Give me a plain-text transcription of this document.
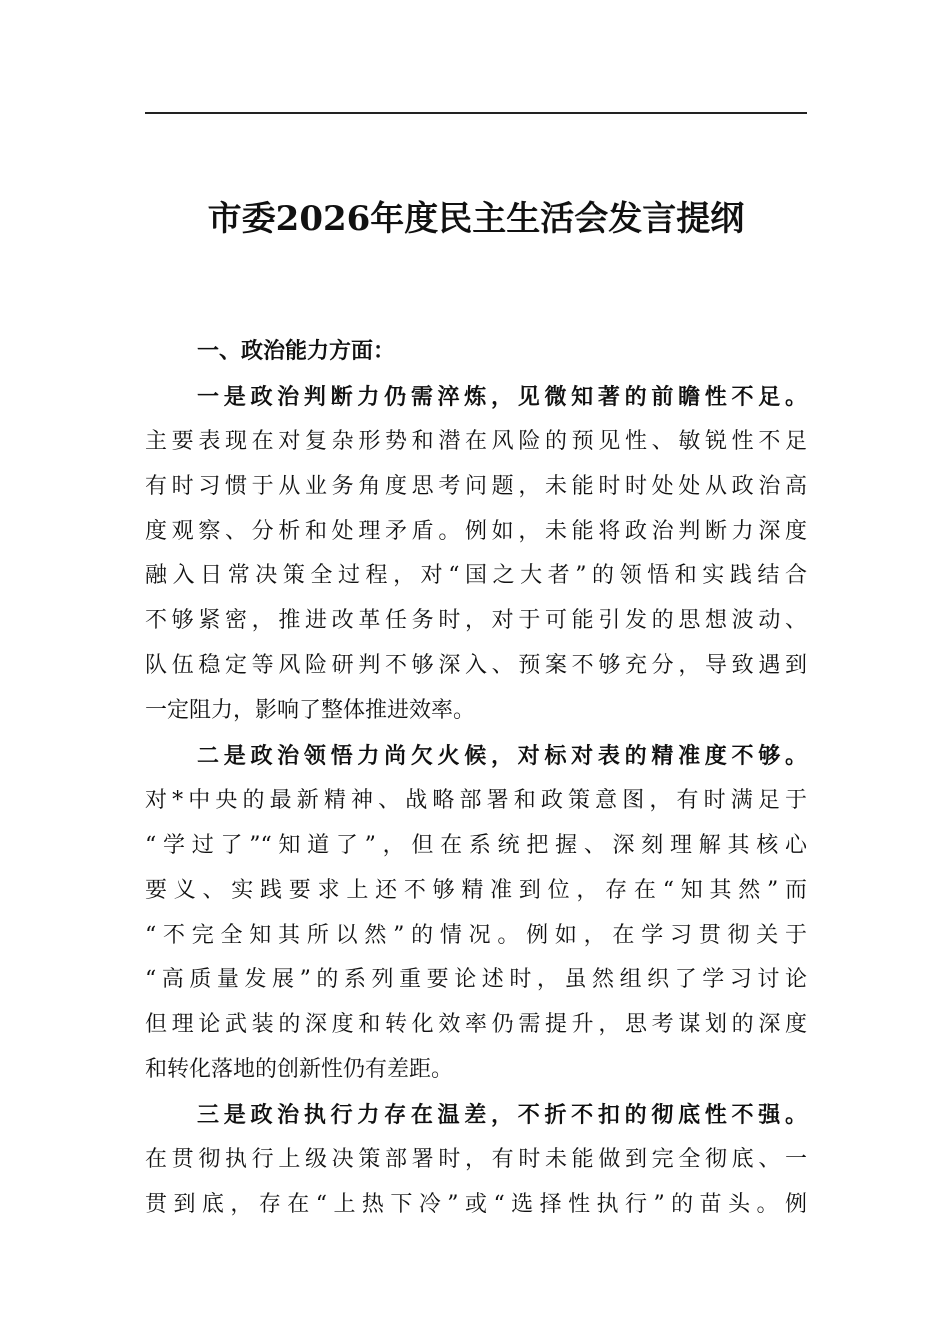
市委2026年度民主生活会发言提纲
一、政治能力方面：
一是政治判断力仍需淬炼，见微知著的前瞻性不足。
主要表现在对复杂形势和潜在风险的预见性、敏锐性不足
有时习惯于从业务角度思考问题，未能时时处处从政治高
度观察、分析和处理矛盾。例如，未能将政治判断力深度
融入日常决策全过程，对“国之大者”的领悟和实践结合
不够紧密，推进改革任务时，对于可能引发的思想波动、
队伍稳定等风险研判不够深入、预案不够充分，导致遇到
一定阻力，影响了整体推进效率。
二是政治领悟力尚欠火候，对标对表的精准度不够。
对*中央的最新精神、战略部署和政策意图，有时满足于
“学过了”“知道了”，但在系统把握、深刻理解其核心
要义、实践要求上还不够精准到位，存在“知其然”而
“不完全知其所以然”的情况。例如，在学习贯彻关于
“高质量发展”的系列重要论述时，虽然组织了学习讨论
但理论武装的深度和转化效率仍需提升，思考谋划的深度
和转化落地的创新性仍有差距。
三是政治执行力存在温差，不折不扣的彻底性不强。
在贯彻执行上级决策部署时，有时未能做到完全彻底、一
贯到底，存在“上热下冷”或“选择性执行”的苗头。例
